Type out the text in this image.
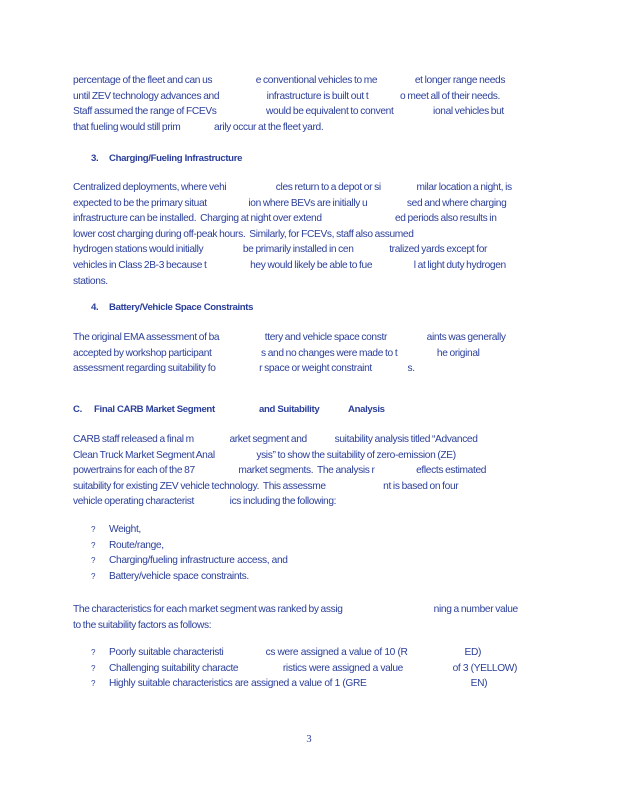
percentage of the fleet and can us                      e conventional vehicles to me                   et longer range needs
until ZEV technology advances and                        infrastructure is built out t                o meet all of their needs.
Staff assumed the range of FCEVs                         would be equivalent to convent                    ional vehicles but
that fueling would still prim                 arily occur at the fleet yard.
3. Charging/Fueling Infrastructure
Centralized deployments, where vehi                         cles return to a depot or si                  milar location a night, is
expected to be the primary situat                     ion where BEVs are initially u                    sed and where charging
infrastructure can be installed.  Charging at night over extend                                     ed periods also results in
lower cost charging during off-peak hours.  Similarly, for FCEVs, staff also assumed
hydrogen stations would initially                    be primarily installed in cen                  tralized yards except for
vehicles in Class 2B-3 because t                      hey would likely be able to fue                     l at light duty hydrogen
stations.
4. Battery/Vehicle Space Constraints
The original EMA assessment of ba                       ttery and vehicle space constr                    aints was generally
accepted by workshop participant                         s and no changes were made to t                    he original
assessment regarding suitability fo                      r space or weight constraint                  s.
C. Final CARB Market Segment	and Suitability	Analysis
CARB staff released a final m                  arket segment and              suitability analysis titled “Advanced
Clean Truck Market Segment Anal                     ysis” to show the suitability of zero-emission (ZE)
powertrains for each of the 87                      market segments.  The analysis r                     eflects estimated
suitability for existing ZEV vehicle technology.  This assessme                             nt is based on four
vehicle operating characterist                  ics including the following:
?	Weight,
?	Route/range,
?	Charging/fueling infrastructure access, and
?	Battery/vehicle space constraints.
The characteristics for each market segment was ranked by assig                                              ning a number value
to the suitability factors as follows:
?	Poorly suitable characteristi                 cs were assigned a value of 10 (R                       ED)
?	Challenging suitability characte                  ristics were assigned a value                    of 3 (YELLOW)
?	Highly suitable characteristics are assigned a value of 1 (GRE                                          EN)
3
